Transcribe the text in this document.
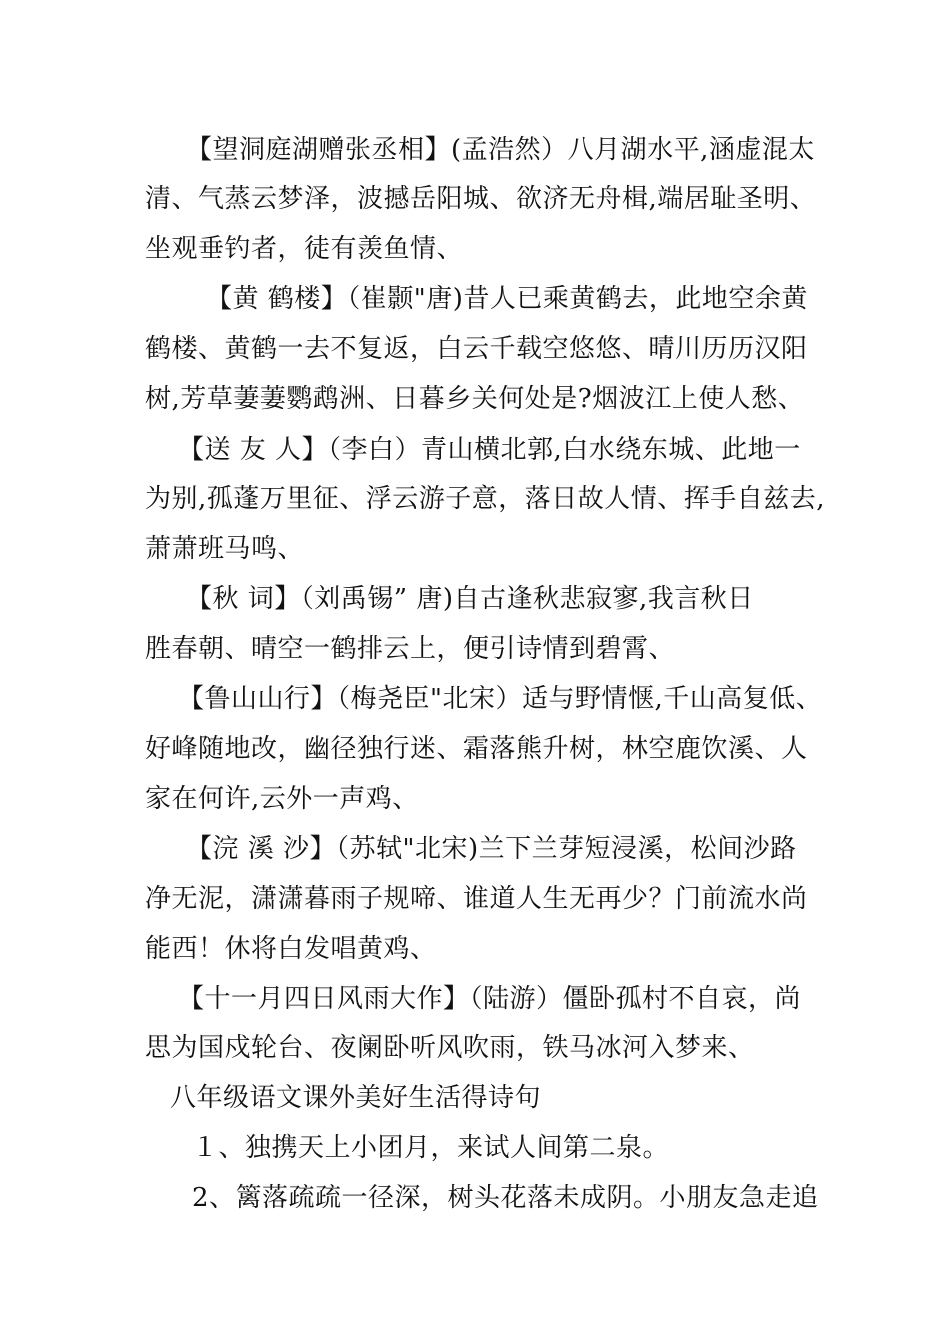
【望洞庭湖赠张丞相】(孟浩然）八月湖水平,涵虚混太
清、气蒸云梦泽，波撼岳阳城、欲济无舟楫,端居耻圣明、
坐观垂钓者，徒有羡鱼情、
【黄 鹤楼】（崔颢"唐)昔人已乘黄鹤去，此地空余黄
鹤楼、黄鹤一去不复返，白云千载空悠悠、晴川历历汉阳
树,芳草萋萋鹦鹉洲、日暮乡关何处是?烟波江上使人愁、
【送 友 人】（李白）青山横北郭,白水绕东城、此地一
为别,孤蓬万里征、浮云游子意，落日故人情、挥手自兹去,
萧萧班马鸣、
【秋 词】（刘禹锡” 唐)自古逢秋悲寂寥,我言秋日
胜春朝、晴空一鹤排云上，便引诗情到碧霄、
【鲁山山行】（梅尧臣"北宋）适与野情惬,千山高复低、
好峰随地改，幽径独行迷、霜落熊升树，林空鹿饮溪、人
家在何许,云外一声鸡、
【浣 溪 沙】（苏轼"北宋)兰下兰芽短浸溪，松间沙路
净无泥，潇潇暮雨子规啼、谁道人生无再少？门前流水尚
能西！休将白发唱黄鸡、
【十一月四日风雨大作】（陆游）僵卧孤村不自哀，尚
思为国戍轮台、夜阑卧听风吹雨，铁马冰河入梦来、
八年级语文课外美好生活得诗句
１、独携天上小团月，来试人间第二泉。
2、篱落疏疏一径深，树头花落未成阴。小朋友急走追
